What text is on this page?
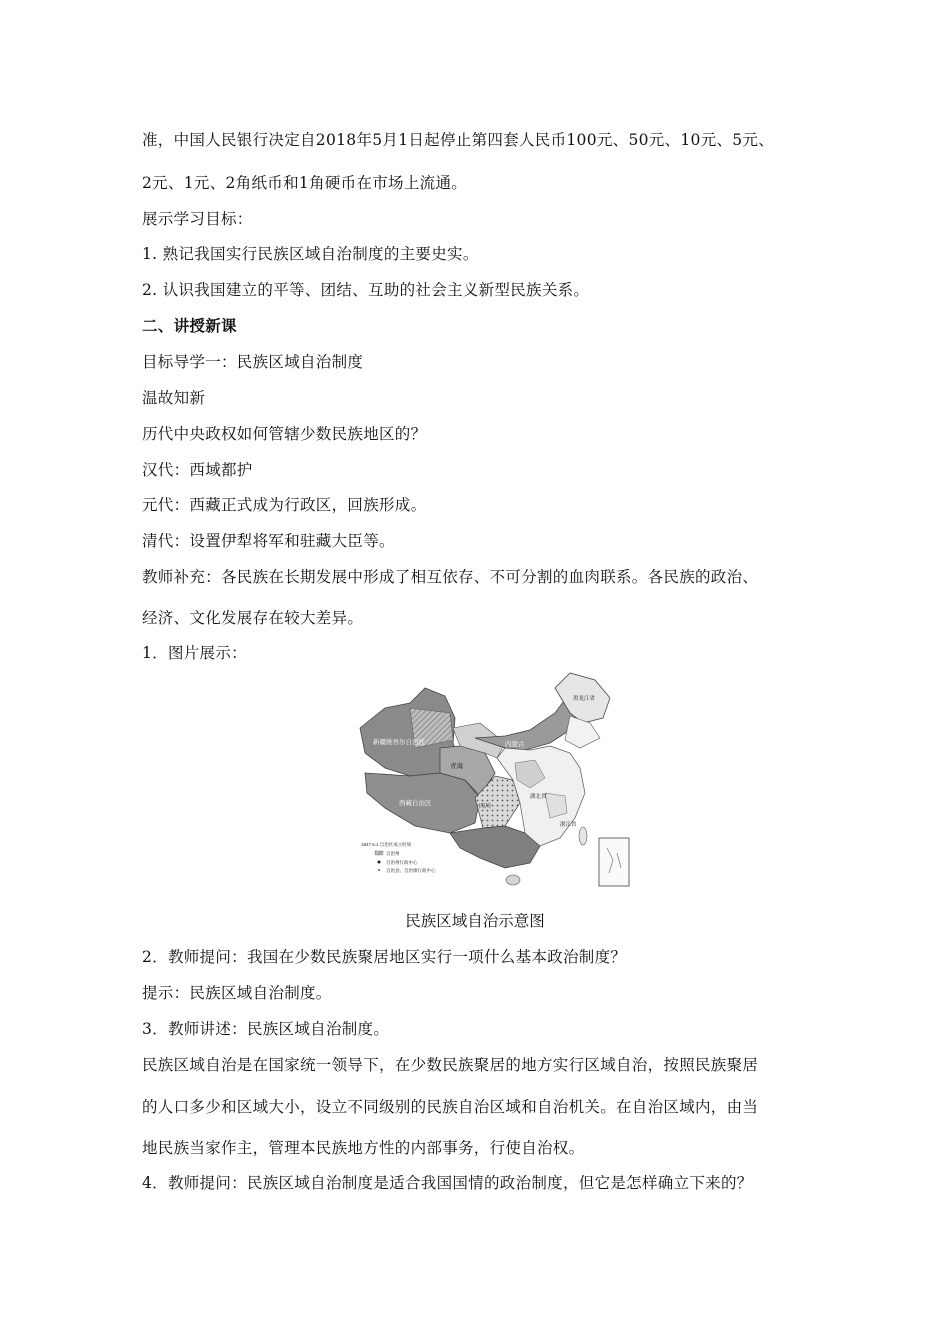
准，中国人民银行决定自2018年5月1日起停止第四套人民币100元、50元、10元、5元、
2元、1元、2角纸币和1角硬币在市场上流通。
展示学习目标：
1. 熟记我国实行民族区域自治制度的主要史实。
2. 认识我国建立的平等、团结、互助的社会主义新型民族关系。
二、讲授新课
目标导学一：民族区域自治制度
温故知新
历代中央政权如何管辖少数民族地区的？
汉代：西域都护
元代：西藏正式成为行政区，回族形成。
清代：设置伊犁将军和驻藏大臣等。
教师补充：各民族在长期发展中形成了相互依存、不可分割的血肉联系。各民族的政治、
经济、文化发展存在较大差异。
1．图片展示：
新疆维吾尔自治区
西藏自治区
青海
内蒙古
黑龙江省
四川
湖北省
浙江省
1947.5.1 自治区成立时间
自治州
自治州行政中心
自治县、自治旗行政中心
民族区域自治示意图
2．教师提问：我国在少数民族聚居地区实行一项什么基本政治制度？
提示：民族区域自治制度。
3．教师讲述：民族区域自治制度。
民族区域自治是在国家统一领导下，在少数民族聚居的地方实行区域自治，按照民族聚居
的人口多少和区域大小，设立不同级别的民族自治区域和自治机关。在自治区域内，由当
地民族当家作主，管理本民族地方性的内部事务，行使自治权。
4．教师提问：民族区域自治制度是适合我国国情的政治制度，但它是怎样确立下来的？
